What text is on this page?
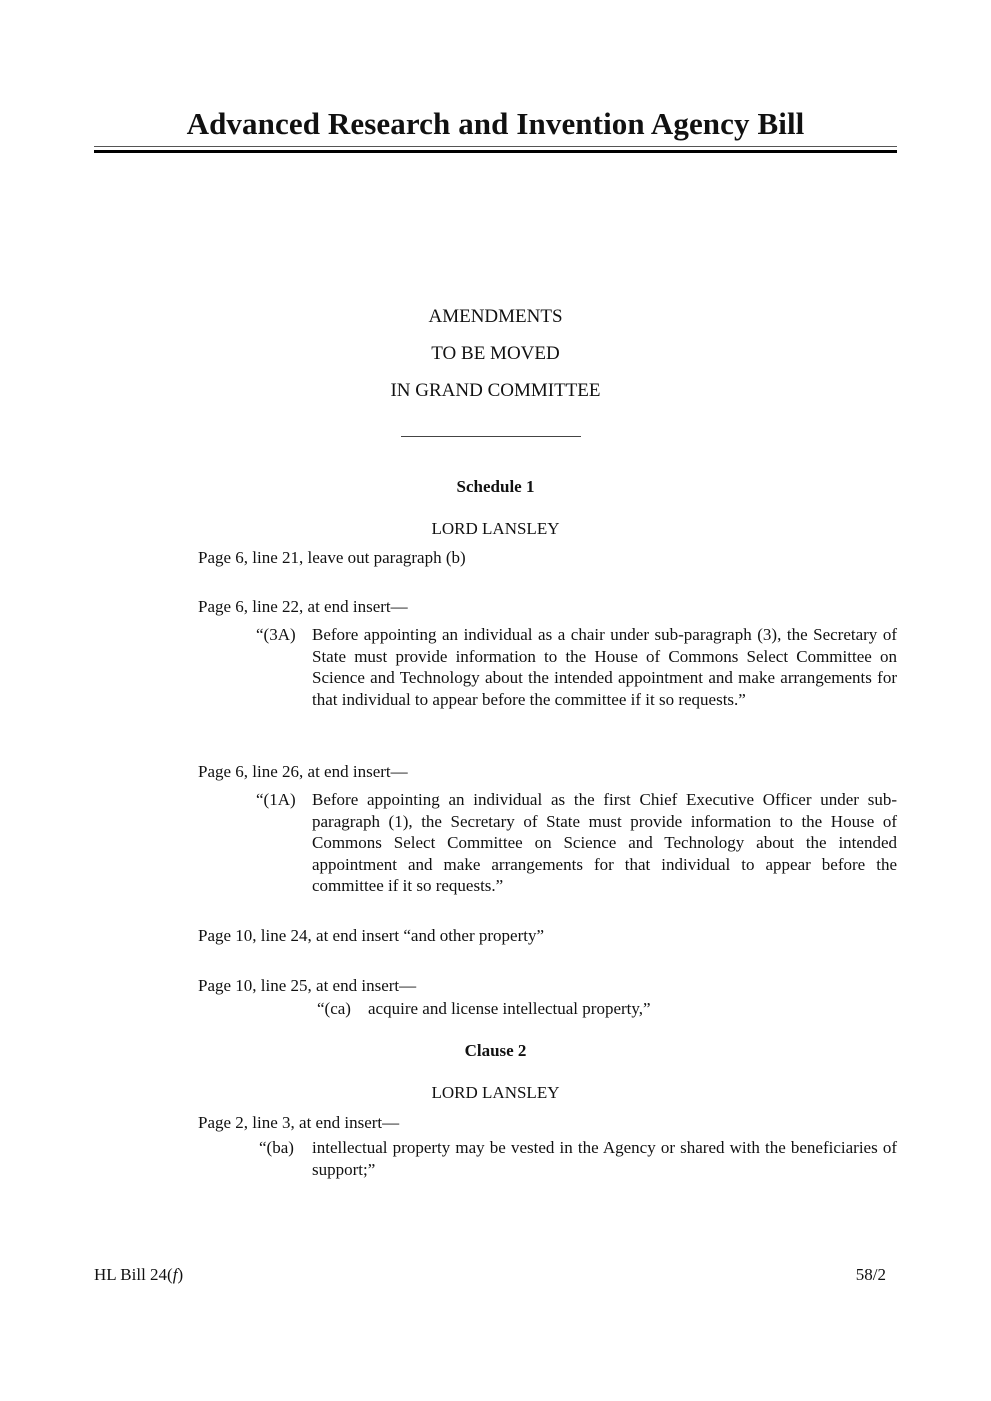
Advanced Research and Invention Agency Bill
AMENDMENTS
TO BE MOVED
IN GRAND COMMITTEE
Schedule 1
LORD LANSLEY
Page 6, line 21, leave out paragraph (b)
Page 6, line 22, at end insert—
“(3A) Before appointing an individual as a chair under sub-paragraph (3), the Secretary of State must provide information to the House of Commons Select Committee on Science and Technology about the intended appointment and make arrangements for that individual to appear before the committee if it so requests.”
Page 6, line 26, at end insert—
“(1A) Before appointing an individual as the first Chief Executive Officer under sub-paragraph (1), the Secretary of State must provide information to the House of Commons Select Committee on Science and Technology about the intended appointment and make arrangements for that individual to appear before the committee if it so requests.”
Page 10, line 24, at end insert “and other property”
Page 10, line 25, at end insert—
“(ca) acquire and license intellectual property,”
Clause 2
LORD LANSLEY
Page 2, line 3, at end insert—
“(ba) intellectual property may be vested in the Agency or shared with the beneficiaries of support;”
HL Bill 24(f)	58/2
